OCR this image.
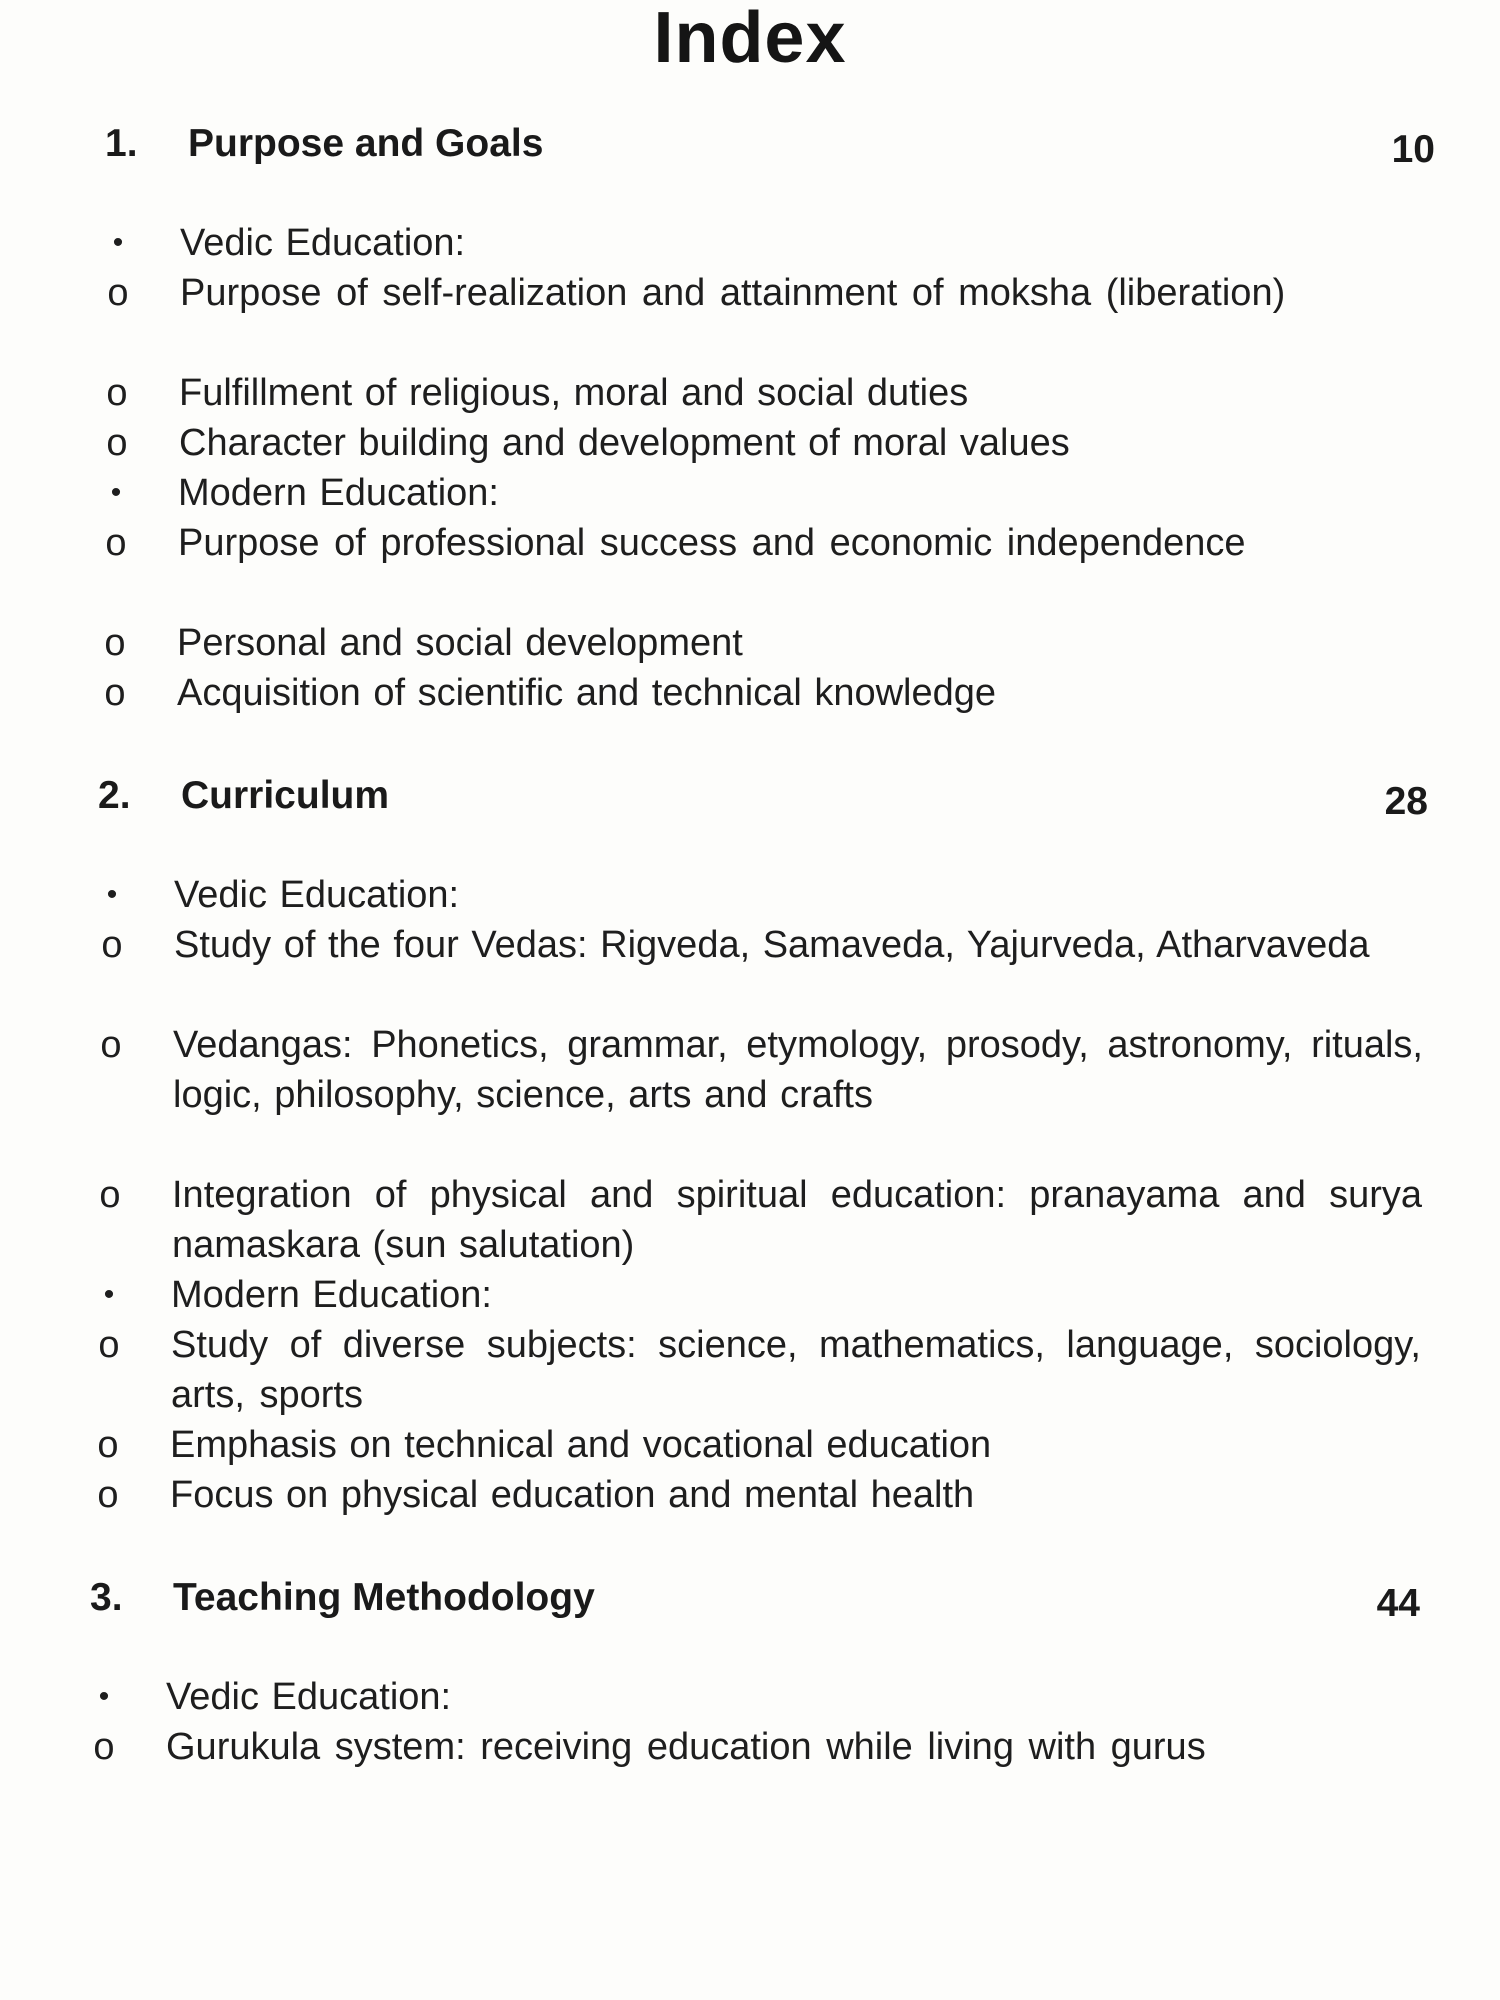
Index
1. Purpose and Goals	10
•	Vedic Education:
o Purpose of self-realization and attainment of moksha (liberation)
o Fulfillment of religious, moral and social duties
o Character building and development of moral values
•	Modern Education:
o Purpose of professional success and economic independence
o Personal and social development
o Acquisition of scientific and technical knowledge
2. Curriculum	28
•	Vedic Education:
o Study of the four Vedas: Rigveda, Samaveda, Yajurveda, Atharvaveda
o Vedangas: Phonetics, grammar, etymology, prosody, astronomy, rituals, logic, philosophy, science, arts and crafts
o Integration of physical and spiritual education: pranayama and surya namaskara (sun salutation)
•	Modern Education:
o Study of diverse subjects: science, mathematics, language, sociology, arts, sports
o Emphasis on technical and vocational education
o Focus on physical education and mental health
3. Teaching Methodology	44
•	Vedic Education:
o Gurukula system: receiving education while living with gurus
